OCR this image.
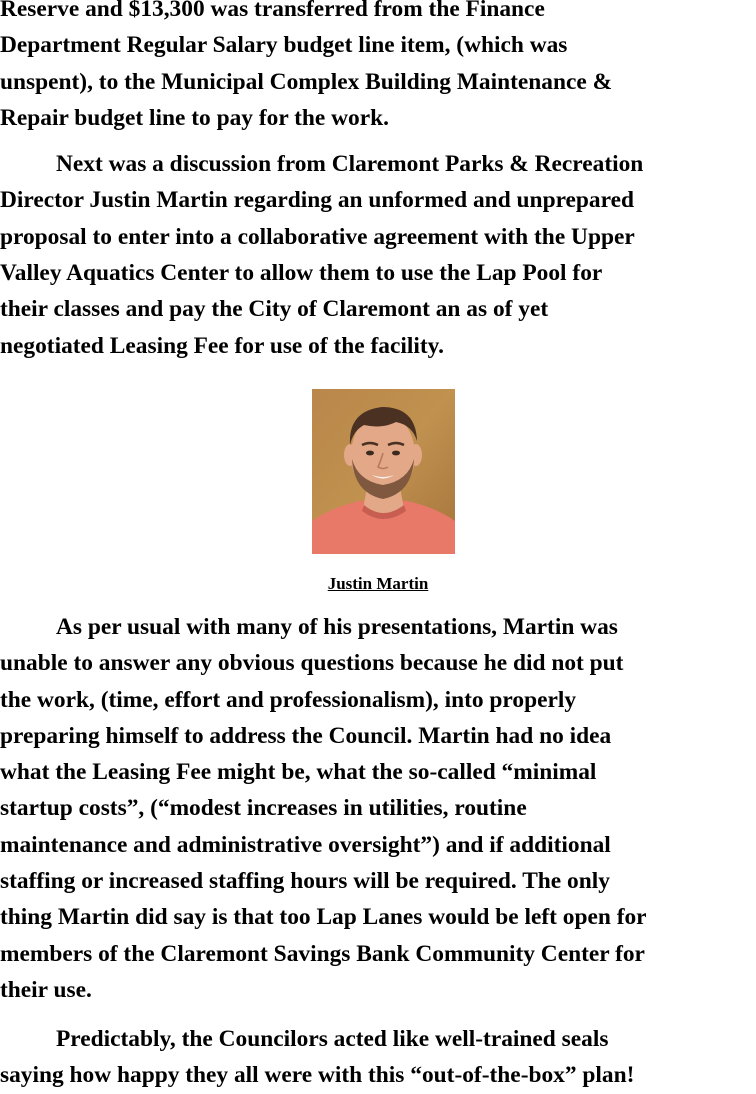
Reserve and $13,300 was transferred from the Finance
Department Regular Salary budget line item, (which was
unspent), to the Municipal Complex Building Maintenance &
Repair budget line to pay for the work.

Next was a discussion from Claremont Parks & Recreation
Director Justin Martin regarding an unformed and unprepared
proposal to enter into a collaborative agreement with the Upper
Valley Aquatics Center to allow them to use the Lap Pool for
their classes and pay the City of Claremont an as of yet
negotiated Leasing Fee for use of the facility.

Justin Martin

As per usual with many of his presentations, Martin was
unable to answer any obvious questions because he did not put
the work, (time, effort and professionalism), into properly
preparing himself to address the Council. Martin had no idea
what the Leasing Fee might be, what the so-called “minimal
startup costs”, (“modest increases in utilities, routine
maintenance and administrative oversight”) and if additional
staffing or increased staffing hours will be required. The only
thing Martin did say is that too Lap Lanes would be left open for
members of the Claremont Savings Bank Community Center for
their use.

Predictably, the Councilors acted like well-trained seals
saying how happy they all were with this “out-of-the-box” plan!
